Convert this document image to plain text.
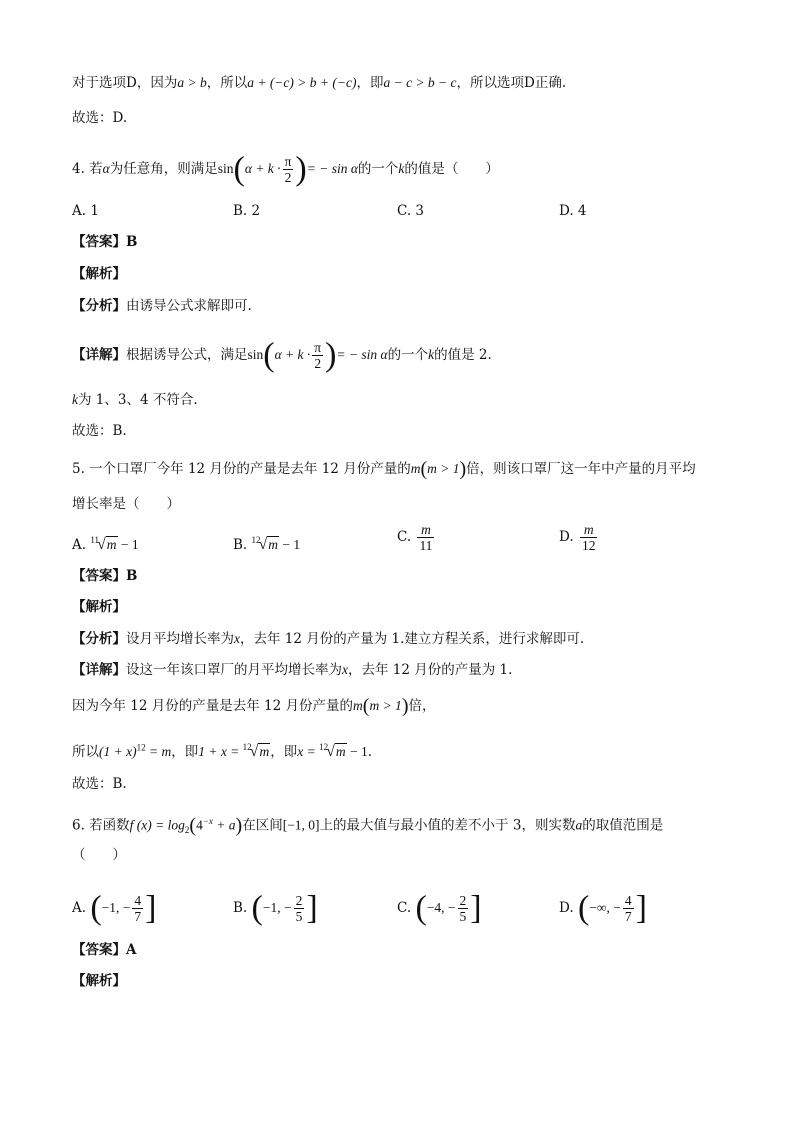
对于选项D，因为a > b，所以a + (−c) > b + (−c)，即a − c > b − c，所以选项D正确.
故选：D.
4. 若α为任意角，则满足$\sin(\alpha + k \cdot \frac{\pi}{2}$ )= − sin α的一个k的值是（　　）
A. 1	B. 2	C. 3	D. 4
【答案】B
【解析】
【分析】由诱导公式求解即可.
【详解】根据诱导公式，满足$\sin(\alpha + k \cdot \frac{\pi}{2}$ )= − sin α的一个k的值是 2.
k为 1、3、4 不符合.
故选：B.
5. 一个口罩厂今年 12 月份的产量是去年 12 月份产量的m(m > 1)倍，则该口罩厂这一年中产量的月平均
增长率是（　　）
A. $^{11}$√m − 1	B. $^{12}$√m − 1	C. $\frac{m}{11}$	D. $\frac{m}{12}$
【答案】B
【解析】
【分析】设月平均增长率为x，去年 12 月份的产量为 1.建立方程关系，进行求解即可.
【详解】设这一年该口罩厂的月平均增长率为x，去年 12 月份的产量为 1.
因为今年 12 月份的产量是去年 12 月份产量的m(m > 1)倍，
所以$(1 + x)^{12} = m$，即1 + x = $^{12}$√m，即x = $^{12}$√m − 1.
故选：B.
6. 若函数f $(x) = \log_2(4^{-x} + a)$在区间[−1, 0]上的最大值与最小值的差不小于 3，则实数a的取值范围是
（　　）
A. (−1, − $\frac{4}{7}$ ]	B. (−1, − $\frac{2}{5}$ ]	C. (−4, − $\frac{2}{5}$ ]	D. (−∞, − $\frac{4}{7}$ ]
【答案】A
【解析】
